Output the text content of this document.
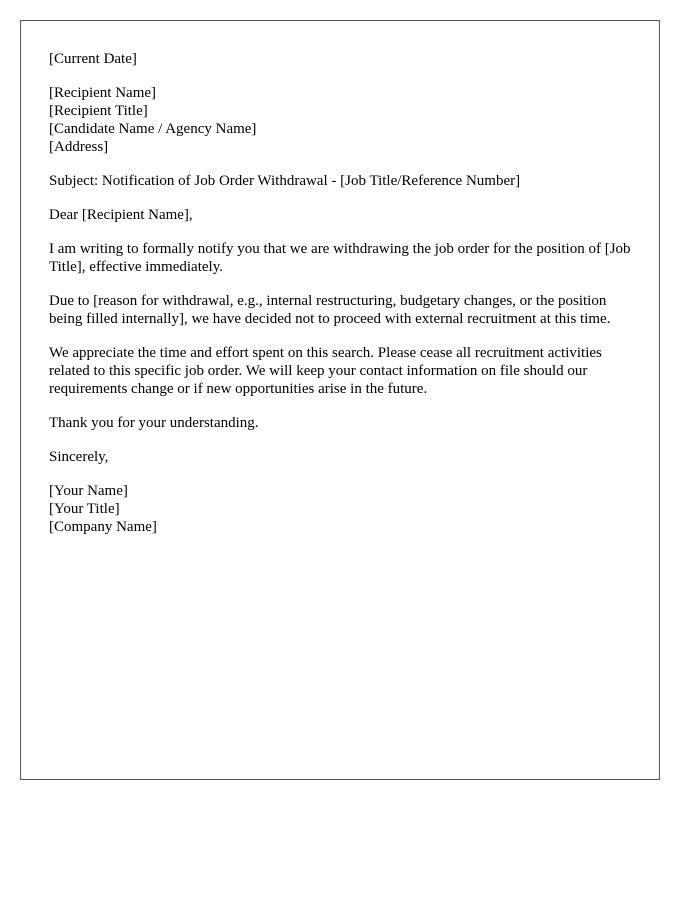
[Current Date]
[Recipient Name]
[Recipient Title]
[Candidate Name / Agency Name]
[Address]
Subject: Notification of Job Order Withdrawal - [Job Title/Reference Number]
Dear [Recipient Name],
I am writing to formally notify you that we are withdrawing the job order for the position of [Job Title], effective immediately.
Due to [reason for withdrawal, e.g., internal restructuring, budgetary changes, or the position being filled internally], we have decided not to proceed with external recruitment at this time.
We appreciate the time and effort spent on this search. Please cease all recruitment activities related to this specific job order. We will keep your contact information on file should our requirements change or if new opportunities arise in the future.
Thank you for your understanding.
Sincerely,
[Your Name]
[Your Title]
[Company Name]
